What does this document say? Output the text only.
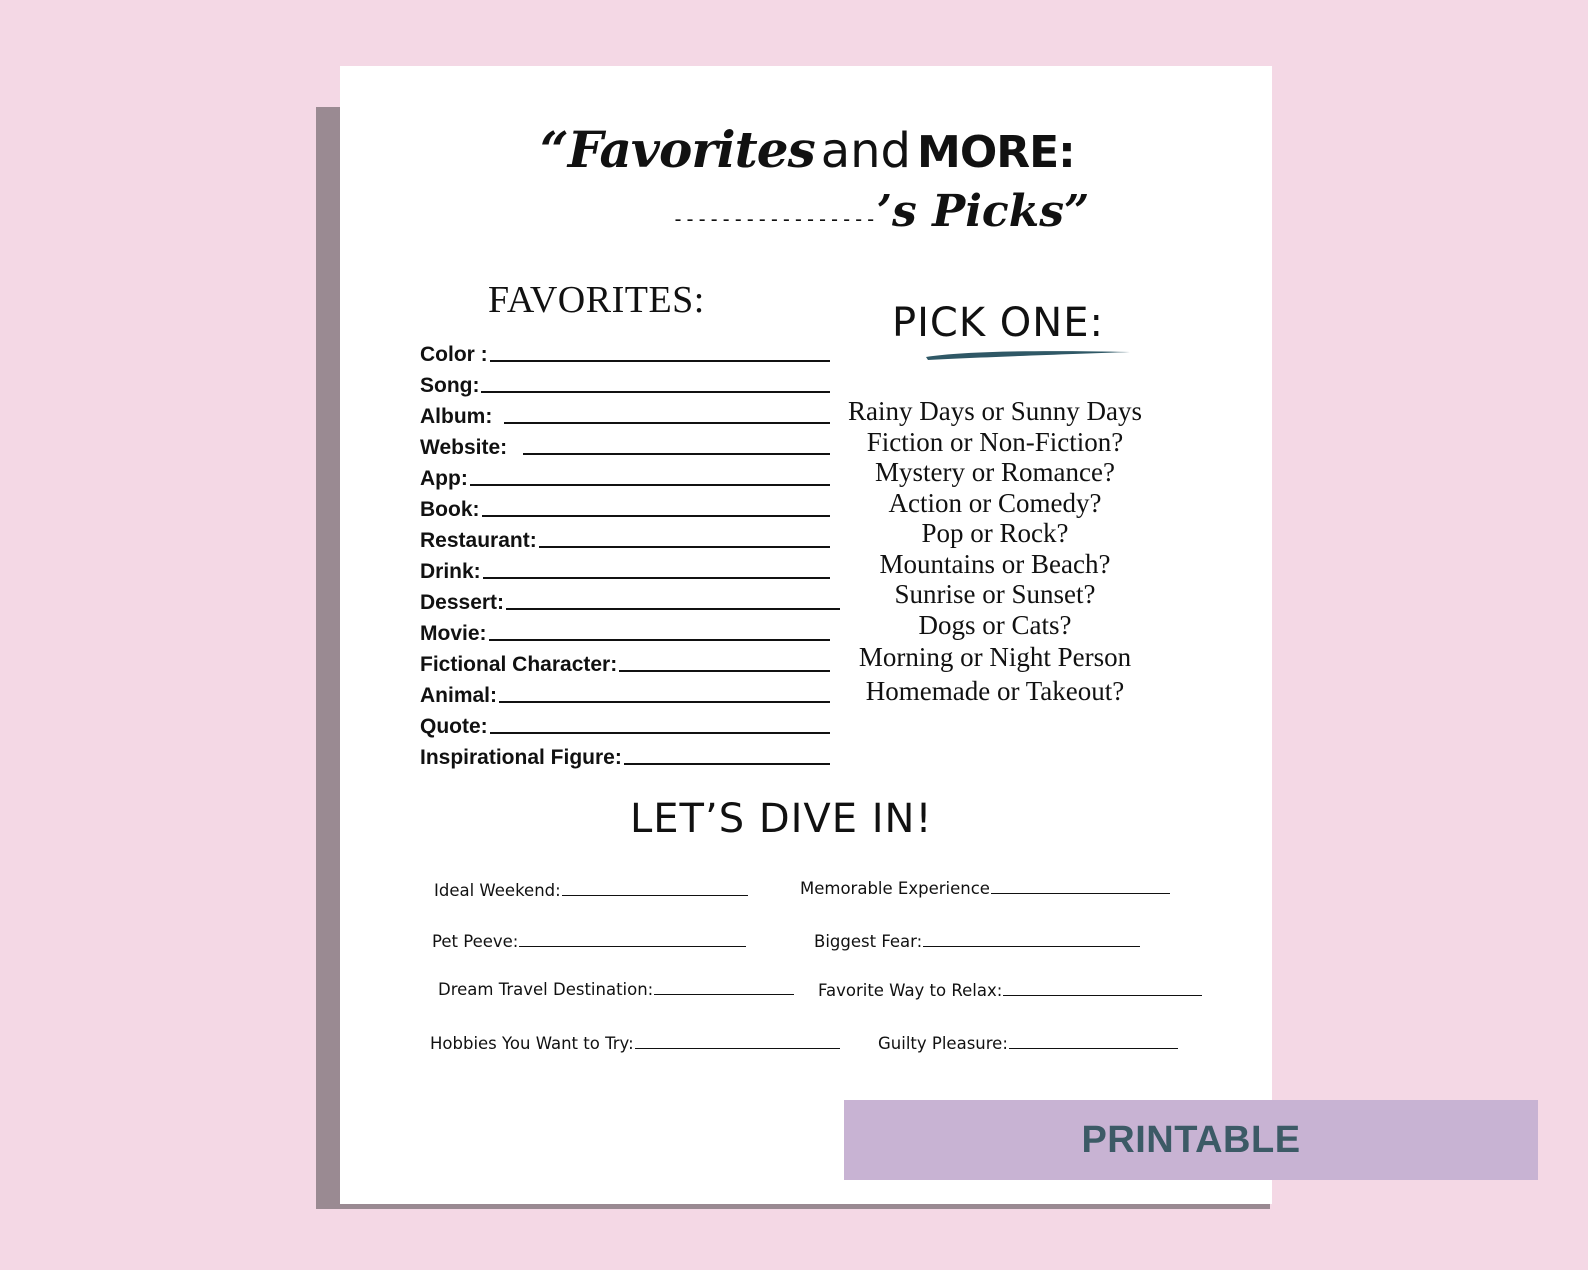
“Favorites and MORE:
-----------------’s Picks”
FAVORITES:
Color :
Song:
Album:
Website:
App:
Book:
Restaurant:
Drink:
Dessert:
Movie:
Fictional Character:
Animal:
Quote:
Inspirational Figure:
PICK ONE:
Rainy Days or Sunny Days
Fiction or Non-Fiction?
Mystery or Romance?
Action or Comedy?
Pop or Rock?
Mountains or Beach?
Sunrise or Sunset?
Dogs or Cats?
Morning or Night Person
Homemade or Takeout?
LET’S DIVE IN!
Ideal Weekend:
Pet Peeve:
Dream Travel Destination:
Hobbies You Want to Try:
Memorable Experience
Biggest Fear:
Favorite Way to Relax:
Guilty Pleasure:
PRINTABLE
